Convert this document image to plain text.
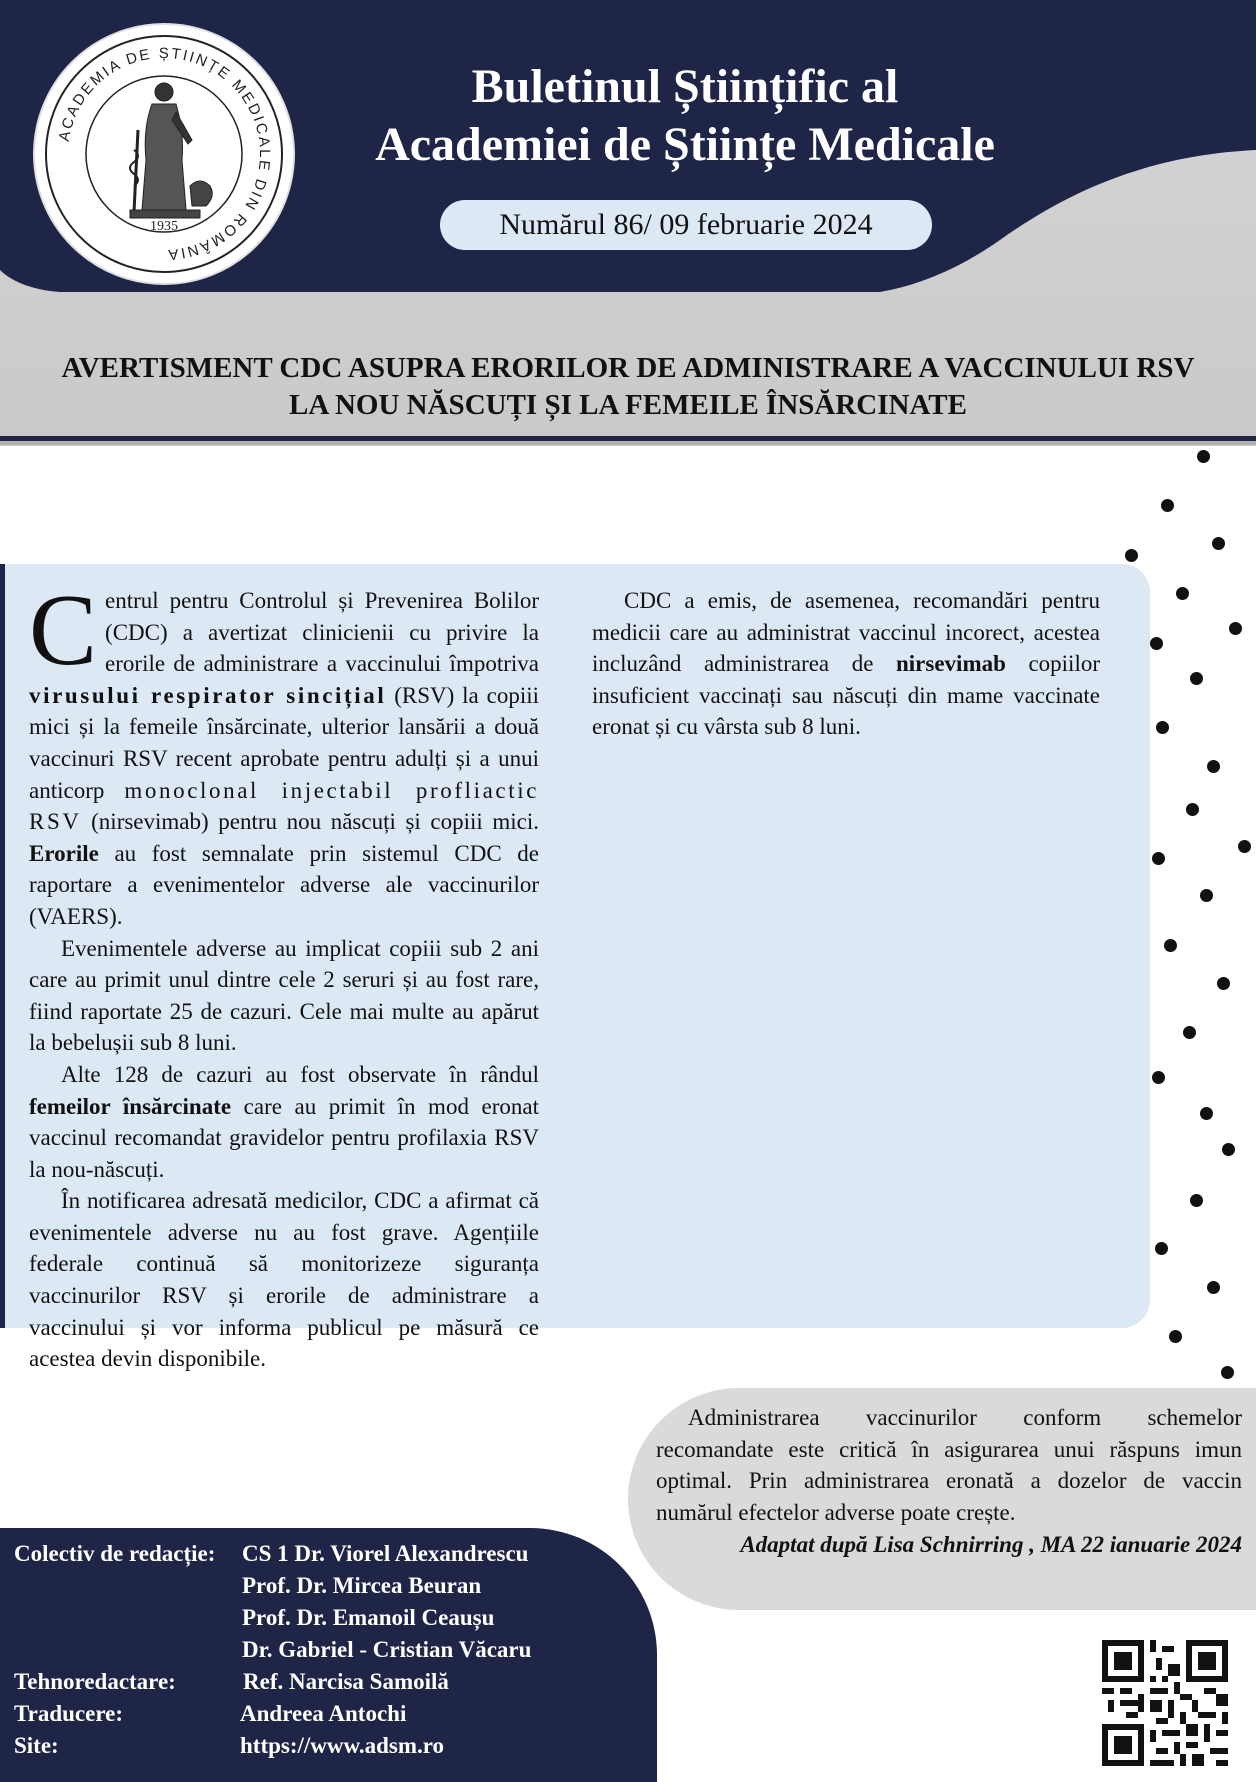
ACADEMIA DE ȘTIINȚE MEDICALE DIN ROMÂNIA
1935
Buletinul Științific al
Academiei de Științe Medicale
Numărul 86/ 09 februarie 2024
AVERTISMENT CDC ASUPRA ERORILOR DE ADMINISTRARE A VACCINULUI RSV
LA NOU NĂSCUȚI ȘI LA FEMEILE ÎNSĂRCINATE

Centrul pentru Controlul și Prevenirea Bolilor (CDC) a avertizat clinicienii cu privire la erorile de administrare a vaccinului împotriva virusului respirator sincițial (RSV) la copiii mici și la femeile însărcinate, ulterior lansării a două vaccinuri RSV recent aprobate pentru adulți și a unui anticorp monoclonal injectabil profliactic RSV (nirsevimab) pentru nou născuți și copiii mici. Erorile au fost semnalate prin sistemul CDC de raportare a evenimentelor adverse ale vaccinurilor (VAERS).

Evenimentele adverse au implicat copiii sub 2 ani care au primit unul dintre cele 2 seruri și au fost rare, fiind raportate 25 de cazuri. Cele mai multe au apărut la bebelușii sub 8 luni.

Alte 128 de cazuri au fost observate în rândul femeilor însărcinate care au primit în mod eronat vaccinul recomandat gravidelor pentru profilaxia RSV la nou-născuți.

În notificarea adresată medicilor, CDC a afirmat că evenimentele adverse nu au fost grave. Agențiile federale continuă să monitorizeze siguranța vaccinurilor RSV și erorile de administrare a vaccinului și vor informa publicul pe măsură ce acestea devin disponibile.

CDC a emis, de asemenea, recomandări pentru medicii care au administrat vaccinul incorect, acestea incluzând administrarea de nirsevimab copiilor insuficient vaccinați sau născuți din mame vaccinate eronat și cu vârsta sub 8 luni.

Administrarea vaccinurilor conform schemelor recomandate este critică în asigurarea unui răspuns imun optimal. Prin administrarea eronată a dozelor de vaccin numărul efectelor adverse poate crește.
Adaptat după Lisa Schnirring , MA 22 ianuarie 2024
Colectiv de redacție: CS 1 Dr. Viorel Alexandrescu
Prof. Dr. Mircea Beuran
Prof. Dr. Emanoil Ceaușu
Dr. Gabriel - Cristian Văcaru
Tehnoredactare:	Ref. Narcisa Samoilă
Traducere:	Andreea Antochi
Site:	https://www.adsm.ro
